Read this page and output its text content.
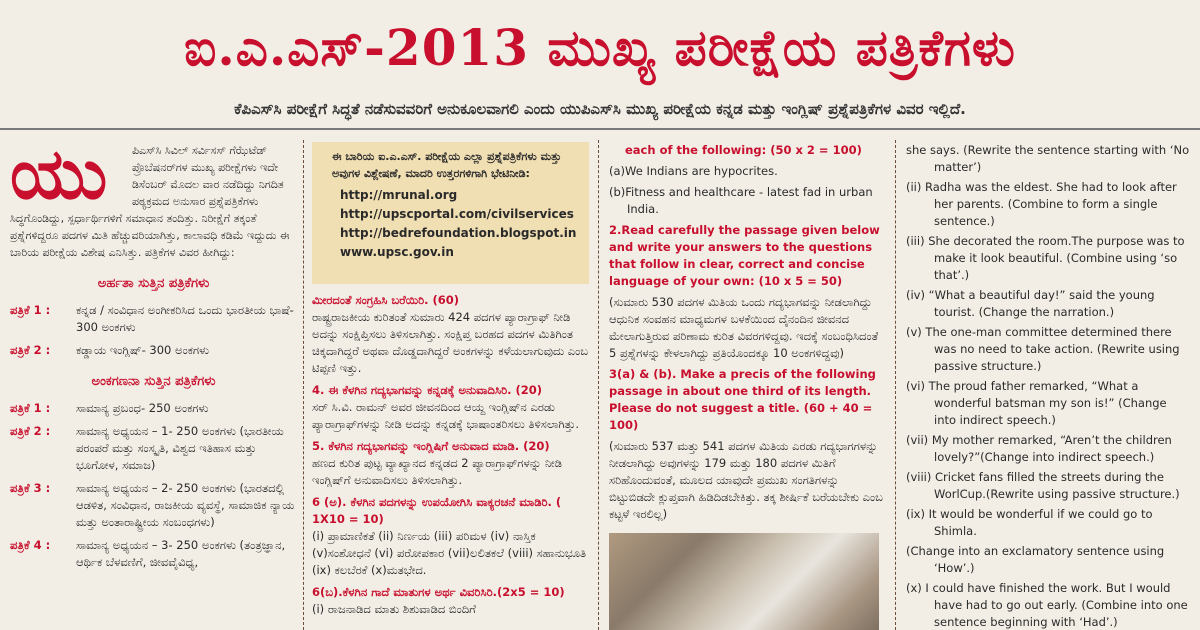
ಐ.ಎ.ಎಸ್-2013 ಮುಖ್ಯ ಪರೀಕ್ಷೆಯ ಪತ್ರಿಕೆಗಳು
ಕೆಪಿಎಸ್‌ಸಿ ಪರೀಕ್ಷೆಗೆ ಸಿದ್ಧತೆ ನಡೆಸುವವರಿಗೆ ಅನುಕೂಲವಾಗಲಿ ಎಂದು ಯುಪಿಎಸ್‌ಸಿ ಮುಖ್ಯ ಪರೀಕ್ಷೆಯ ಕನ್ನಡ ಮತ್ತು ಇಂಗ್ಲಿಷ್ ಪ್ರಶ್ನೆಪತ್ರಿಕೆಗಳ ವಿವರ ಇಲ್ಲಿದೆ.
ಯು	ಪಿಎಸ್‌ಸಿ ಸಿವಿಲ್ ಸರ್ವಿಸಸ್ ಗೆಝೆಟೆಡ್ ಪ್ರೊಬೆಷನರ್‌ಗಳ ಮುಖ್ಯ ಪರೀಕ್ಷೆಗಳು ಇದೇ ಡಿಸೆಂಬರ್ ಮೊದಲ ವಾರ ನಡೆದಿದ್ದು ನಿಗದಿತ ಪಠ್ಯಕ್ರಮದ ಅನುಸಾರ ಪ್ರಶ್ನೆಪತ್ರಿಕೆಗಳು
ಸಿದ್ಧಗೊಂಡಿದ್ದು, ಸ್ಪರ್ಧಾರ್ಥಿಗಳಿಗೆ ಸಮಾಧಾನ ತಂದಿತ್ತು. ನಿರೀಕ್ಷೆಗೆ ತಕ್ಕಂತೆ ಪ್ರಶ್ನೆಗಳಿದ್ದರೂ ಪದಗಳ ಮಿತಿ ಹೆಚ್ಚುವರಿಯಾಗಿತ್ತು, ಕಾಲಾವಧಿ ಕಡಿಮೆ ಇದ್ದುದು ಈ ಬಾರಿಯ ಪರೀಕ್ಷೆಯ ವಿಶೇಷ ಎನಿಸಿತ್ತು. ಪತ್ರಿಕೆಗಳ ವಿವರ ಹೀಗಿದ್ದು:
ಅರ್ಹತಾ ಸುತ್ತಿನ ಪತ್ರಿಕೆಗಳು
ಪತ್ರಿಕೆ 1 :	ಕನ್ನಡ / ಸಂವಿಧಾನ ಅಂಗೀಕರಿಸಿದ ಒಂದು ಭಾರತೀಯ ಭಾಷೆ- 300 ಅಂಕಗಳು
ಪತ್ರಿಕೆ 2 :	ಕಡ್ಡಾಯ ಇಂಗ್ಲಿಷ್- 300 ಅಂಕಗಳು
ಅಂಕಗಣನಾ ಸುತ್ತಿನ ಪತ್ರಿಕೆಗಳು
ಪತ್ರಿಕೆ 1 :	ಸಾಮಾನ್ಯ ಪ್ರಬಂಧ- 250 ಅಂಕಗಳು
ಪತ್ರಿಕೆ 2 :	ಸಾಮಾನ್ಯ ಅಧ್ಯಯನ – 1- 250 ಅಂಕಗಳು (ಭಾರತೀಯ ಪರಂಪರೆ ಮತ್ತು ಸಂಸ್ಕೃತಿ, ವಿಶ್ವದ ಇತಿಹಾಸ ಮತ್ತು ಭೂಗೋಳ, ಸಮಾಜ)
ಪತ್ರಿಕೆ 3 :	ಸಾಮಾನ್ಯ ಅಧ್ಯಯನ – 2- 250 ಅಂಕಗಳು (ಭಾರತದಲ್ಲಿ ಆಡಳಿತ, ಸಂವಿಧಾನ, ರಾಜಕೀಯ ವ್ಯವಸ್ಥೆ, ಸಾಮಾಜಿಕ ನ್ಯಾಯ ಮತ್ತು ಅಂತಾರಾಷ್ಟ್ರೀಯ ಸಂಬಂಧಗಳು)
ಪತ್ರಿಕೆ 4 :	ಸಾಮಾನ್ಯ ಅಧ್ಯಯನ – 3- 250 ಅಂಕಗಳು (ತಂತ್ರಜ್ಞಾನ, ಆರ್ಥಿಕ ಬೆಳವಣಿಗೆ, ಜೀವವೈವಿಧ್ಯ,
ಈ ಬಾರಿಯ ಐ.ಎ.ಎಸ್. ಪರೀಕ್ಷೆಯ ಎಲ್ಲಾ ಪ್ರಶ್ನೆಪತ್ರಿಕೆಗಳು ಮತ್ತು ಅವುಗಳ ವಿಶ್ಲೇಷಣೆ, ಮಾದರಿ ಉತ್ತರಗಳಿಗಾಗಿ ಭೇಟಿನೀಡಿ:
http://mrunal.org
http://upscportal.com/civilservices
http://bedrefoundation.blogspot.in
www.upsc.gov.in

ಮೀರದಂತೆ ಸಂಗ್ರಹಿಸಿ ಬರೆಯಿರಿ. (60)
ರಾಷ್ಟ್ರರಾಜಕೀಯ ಕುರಿತಂತೆ ಸುಮಾರು 424 ಪದಗಳ ಪ್ಯಾರಾಗ್ರಾಫ್ ನೀಡಿ ಅದನ್ನು ಸಂಕ್ಷಿಪ್ತಿಸಲು ತಿಳಿಸಲಾಗಿತ್ತು. ಸಂಕ್ಷಿಪ್ತ ಬರಹದ ಪದಗಳ ಮಿತಿಗಿಂತ ಚಿಕ್ಕದಾಗಿದ್ದರೆ ಅಥವಾ ದೊಡ್ಡದಾಗಿದ್ದರೆ ಅಂಕಗಳನ್ನು ಕಳೆಯಲಾಗುವುದು ಎಂಬ ಟಿಪ್ಪಣಿ ಇತ್ತು.

4. ಈ ಕೆಳಗಿನ ಗದ್ಯಭಾಗವನ್ನು ಕನ್ನಡಕ್ಕೆ ಅನುವಾದಿಸಿರಿ. (20)
ಸರ್ ಸಿ.ವಿ. ರಾಮನ್ ಅವರ ಜೀವನದಿಂದ ಆಯ್ದ ಇಂಗ್ಲಿಷ್‌ನ ಎರಡು ಪ್ಯಾರಾಗ್ರಾಫ್‌ಗಳನ್ನು ನೀಡಿ ಅದನ್ನು ಕನ್ನಡಕ್ಕೆ ಭಾಷಾಂತರಿಸಲು ತಿಳಿಸಲಾಗಿತ್ತು.

5. ಕೆಳಗಿನ ಗದ್ಯಭಾಗವನ್ನು ಇಂಗ್ಲಿಷಿಗೆ ಅನುವಾದ ಮಾಡಿ. (20)
ಹಣದ ಕುರಿತ ಪುಟ್ಟ ವ್ಯಾಖ್ಯಾನದ ಕನ್ನಡದ 2 ಪ್ಯಾರಾಗ್ರಾಫ್‌ಗಳನ್ನು ನೀಡಿ ಇಂಗ್ಲಿಷ್‌ಗೆ ಅನುವಾದಿಸಲು ತಿಳಿಸಲಾಗಿತ್ತು.

6 (ಅ). ಕೆಳಗಿನ ಪದಗಳನ್ನು ಉಪಯೋಗಿಸಿ ವಾಕ್ಯರಚನೆ ಮಾಡಿರಿ. ( 1X10 = 10)
(i) ಪ್ರಾಮಾಣಿಕತೆ (ii) ನಿರ್ಣಯ (iii) ಪರಿಮಳ (iv) ನಾಸ್ತಿಕ (v)ಸಂಶೋಧನೆ (vi) ಪರೋಪಕಾರ (vii)ಲಲಿತಕಲೆ (viii) ಸಹಾನುಭೂತಿ (ix) ಕಲಬೆರಕೆ (x)ಮತಭೇದ.

6(ಬ).ಕೆಳಗಿನ ಗಾದೆ ಮಾತುಗಳ ಅರ್ಥ ವಿವರಿಸಿರಿ.(2x5 = 10)
(i) ರಾಜನಾಡಿದ ಮಾತು ಶಿಶುವಾಡಿದ ಬಿಂದಿಗೆ

each of the following: (50 x 2 = 100)

(a)We Indians are hypocrites.

(b)Fitness and healthcare - latest fad in urban India.

2.Read carefully the passage given below and write your answers to the questions that follow in clear, correct and concise language of your own: (10 x 5 = 50)

(ಸುಮಾರು 530 ಪದಗಳ ಮಿತಿಯ ಒಂದು ಗದ್ಯಭಾಗವನ್ನು ನೀಡಲಾಗಿದ್ದು ಆಧುನಿಕ ಸಂವಹನ ಮಾಧ್ಯಮಗಳ ಬಳಕೆಯಿಂದ ದೈನಂದಿನ ಜೀವನದ ಮೇಲಾಗುತ್ತಿರುವ ಪರಿಣಾಮ ಕುರಿತ ವಿವರಗಳಿದ್ದವು. ಇದಕ್ಕೆ ಸಂಬಂಧಿಸಿದಂತೆ 5 ಪ್ರಶ್ನೆಗಳನ್ನು ಕೇಳಲಾಗಿದ್ದು ಪ್ರತಿಯೊಂದಕ್ಕೂ 10 ಅಂಕಗಳಿದ್ದವು)

3(a) & (b). Make a precis of the following passage in about one third of its length. Please do not suggest a title. (60 + 40 = 100)

(ಸುಮಾರು 537 ಮತ್ತು 541 ಪದಗಳ ಮಿತಿಯ ಎರಡು ಗದ್ಯಭಾಗಗಳನ್ನು ನೀಡಲಾಗಿದ್ದು ಅವುಗಳನ್ನು 179 ಮತ್ತು 180 ಪದಗಳ ಮಿತಿಗೆ ಸರಿಹೊಂದುವಂತೆ, ಮೂಲದ ಯಾವುದೇ ಪ್ರಮುಖ ಸಂಗತಿಗಳನ್ನು ಬಿಟ್ಟುಬಿಡದೇ ಕ್ಲುಪ್ತವಾಗಿ ಹಿಡಿದಿಡಬೇಕಿತ್ತು. ತಕ್ಕ ಶೀರ್ಷಿಕೆ ಬರೆಯಬೇಕು ಎಂಬ ಕಟ್ಟಳೆ ಇರಲಿಲ್ಲ)

she says. (Rewrite the sentence starting with ‘No matter’)

(ii) Radha was the eldest. She had to look after her parents. (Combine to form a single sentence.)

(iii) She decorated the room.The purpose was to make it look beautiful. (Combine using ‘so that’.)

(iv) “What a beautiful day!” said the young tourist. (Change the narration.)

(v) The one-man committee determined there was no need to take action. (Rewrite using passive structure.)

(vi) The proud father remarked, “What a wonderful batsman my son is!” (Change into indirect speech.)

(vii) My mother remarked, “Aren’t the children lovely?”(Change into indirect speech.)

(viii) Cricket fans filled the streets during the WorlCup.(Rewrite using passive structure.)

(ix) It would be wonderful if we could go to Shimla.

(Change into an exclamatory sentence using ‘How’.)

(x) I could have finished the work. But I would have had to go out early. (Combine into one sentence beginning with ‘Had’.)
